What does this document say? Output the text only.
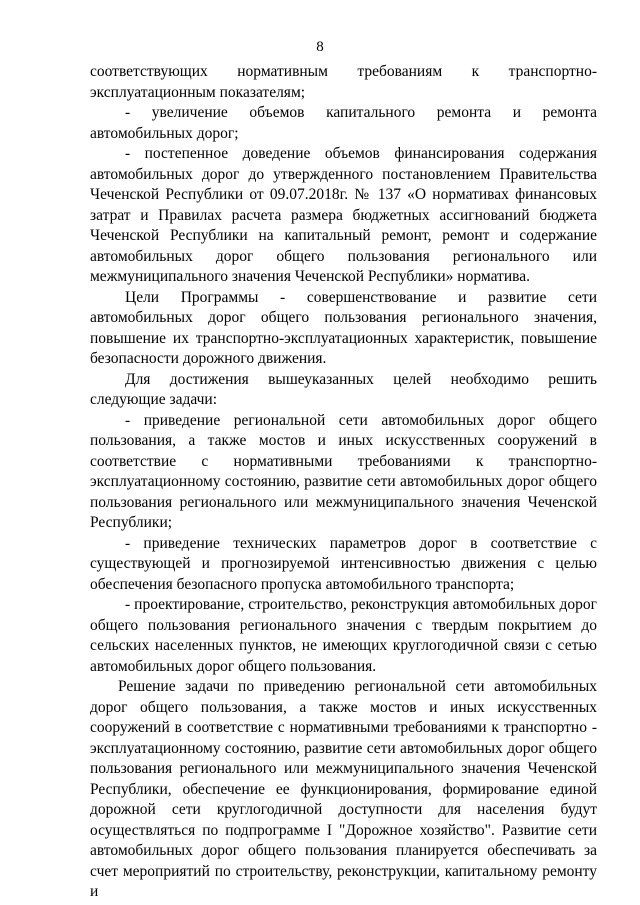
8

соответствующих нормативным требованиям к транспортно-эксплуатационным показателям;

- увеличение объемов капитального ремонта и ремонта автомобильных дорог;

- постепенное доведение объемов финансирования содержания автомобильных дорог до утвержденного постановлением Правительства Чеченской Республики от 09.07.2018г. № 137 «О нормативах финансовых затрат и Правилах расчета размера бюджетных ассигнований бюджета Чеченской Республики на капитальный ремонт, ремонт и содержание автомобильных дорог общего пользования регионального или межмуниципального значения Чеченской Республики» норматива.

Цели Программы - совершенствование и развитие сети автомобильных дорог общего пользования регионального значения, повышение их транспортно-эксплуатационных характеристик, повышение безопасности дорожного движения.

Для достижения вышеуказанных целей необходимо решить следующие задачи:

- приведение региональной сети автомобильных дорог общего пользования, а также мостов и иных искусственных сооружений в соответствие с нормативными требованиями к транспортно-эксплуатационному состоянию, развитие сети автомобильных дорог общего пользования регионального или межмуниципального значения Чеченской Республики;

- приведение технических параметров дорог в соответствие с существующей и прогнозируемой интенсивностью движения с целью обеспечения безопасного пропуска автомобильного транспорта;

- проектирование, строительство, реконструкция автомобильных дорог общего пользования регионального значения с твердым покрытием до сельских населенных пунктов, не имеющих круглогодичной связи с сетью автомобильных дорог общего пользования.

Решение задачи по приведению региональной сети автомобильных дорог общего пользования, а также мостов и иных искусственных сооружений в соответствие с нормативными требованиями к транспортно - эксплуатационному состоянию, развитие сети автомобильных дорог общего пользования регионального или межмуниципального значения Чеченской Республики, обеспечение ее функционирования, формирование единой дорожной сети круглогодичной доступности для населения будут осуществляться по подпрограмме I "Дорожное хозяйство". Развитие сети автомобильных дорог общего пользования планируется обеспечивать за счет мероприятий по строительству, реконструкции, капитальному ремонту и
